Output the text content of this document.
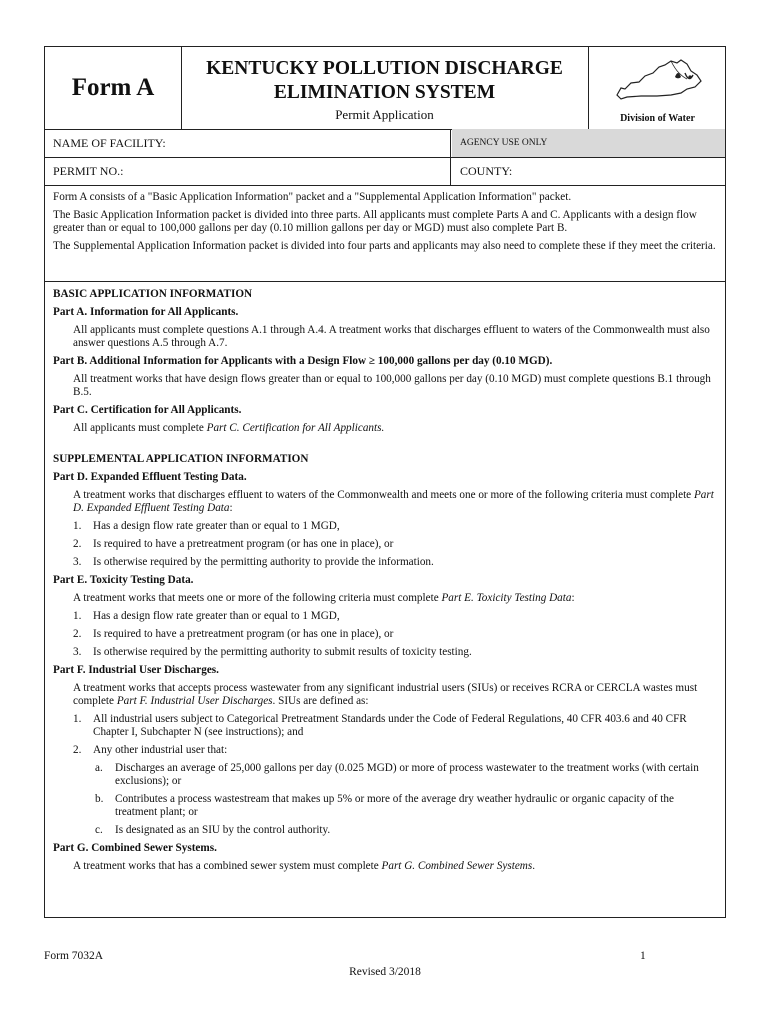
Form A
KENTUCKY POLLUTION DISCHARGE
ELIMINATION SYSTEM
Permit Application	Division of Water
NAME OF FACILITY:	AGENCY USE ONLY
PERMIT NO.:	COUNTY:

Form A consists of a "Basic Application Information" packet and a "Supplemental Application Information" packet.

The Basic Application Information packet is divided into three parts. All applicants must complete Parts A and C. Applicants with a design flow greater than or equal to 100,000 gallons per day (0.10 million gallons per day or MGD) must also complete Part B.

The Supplemental Application Information packet is divided into four parts and applicants may also need to complete these if they meet the criteria.

BASIC APPLICATION INFORMATION
Part A. Information for All Applicants.
All applicants must complete questions A.1 through A.4. A treatment works that discharges effluent to waters of the Commonwealth must also answer questions A.5 through A.7.
Part B. Additional Information for Applicants with a Design Flow ≥ 100,000 gallons per day (0.10 MGD).
All treatment works that have design flows greater than or equal to 100,000 gallons per day (0.10 MGD) must complete questions B.1 through B.5.
Part C. Certification for All Applicants.
All applicants must complete Part C. Certification for All Applicants.
SUPPLEMENTAL APPLICATION INFORMATION
Part D. Expanded Effluent Testing Data.
A treatment works that discharges effluent to waters of the Commonwealth and meets one or more of the following criteria must complete Part D. Expanded Effluent Testing Data:
1. Has a design flow rate greater than or equal to 1 MGD,
2. Is required to have a pretreatment program (or has one in place), or
3. Is otherwise required by the permitting authority to provide the information.
Part E. Toxicity Testing Data.
A treatment works that meets one or more of the following criteria must complete Part E. Toxicity Testing Data:
1. Has a design flow rate greater than or equal to 1 MGD,
2. Is required to have a pretreatment program (or has one in place), or
3. Is otherwise required by the permitting authority to submit results of toxicity testing.
Part F. Industrial User Discharges.
A treatment works that accepts process wastewater from any significant industrial users (SIUs) or receives RCRA or CERCLA wastes must complete Part F. Industrial User Discharges. SIUs are defined as:
1. All industrial users subject to Categorical Pretreatment Standards under the Code of Federal Regulations, 40 CFR 403.6 and 40 CFR Chapter I, Subchapter N (see instructions); and
2. Any other industrial user that:
a. Discharges an average of 25,000 gallons per day (0.025 MGD) or more of process wastewater to the treatment works (with certain exclusions); or
b. Contributes a process wastestream that makes up 5% or more of the average dry weather hydraulic or organic capacity of the treatment plant; or
c. Is designated as an SIU by the control authority.
Part G. Combined Sewer Systems.
A treatment works that has a combined sewer system must complete Part G. Combined Sewer Systems.
Form 7032A	1
Revised 3/2018
